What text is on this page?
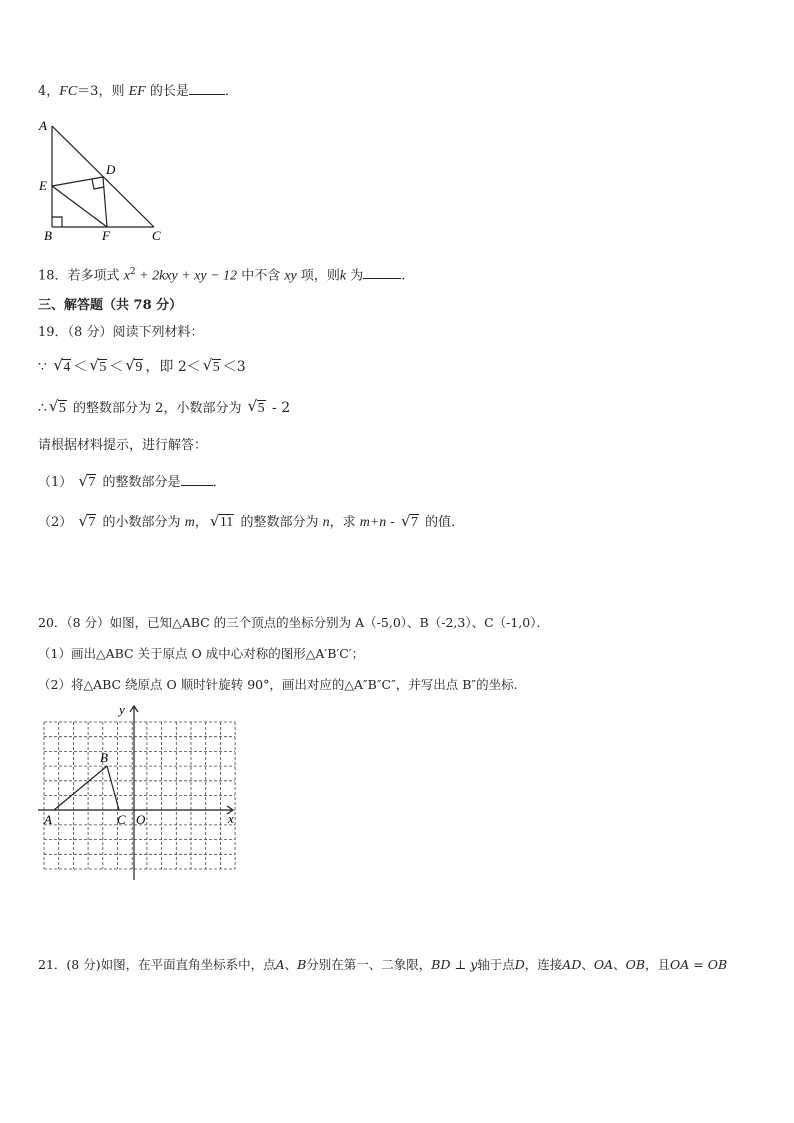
4，FC＝3，则 EF 的长是	．
A
E
D
B	F	C
18．若多项式 $x^2 + 2kxy$ + xy − 12 中不含 xy 项，则k 为	.
三、解答题（共 78 分）
19．（8 分）阅读下列材料：
∵ √ 4 ＜ √ 5 ＜ √ 9 ，即 2＜ √ 5 ＜3
∴ √ 5 的整数部分为 2，小数部分为 √ 5 - 2
请根据材料提示，进行解答：
（1） √ 7 的整数部分是 ．
（2） √ 7 的小数部分为 m， √ 11 的整数部分为 n，求 m+n - √ 7 的值．
20．（8 分）如图，已知△ABC 的三个顶点的坐标分别为 A（-5,0）、B（-2,3）、C（-1,0）．
（1）画出△ABC 关于原点 O 成中心对称的图形△A′B′C′；
（2）将△ABC 绕原点 O 顺时针旋转 90°，画出对应的△A″B″C″，并写出点 B″的坐标.
y
x
A
B
C O
21．(8 分)如图，在平面直角坐标系中，点𝐴、𝐵分别在第一、二象限，𝐵𝐷 ⊥ 𝑦轴于点𝐷，连接𝐴𝐷、𝑂𝐴、𝑂𝐵，且𝑂𝐴 = 𝑂𝐵
